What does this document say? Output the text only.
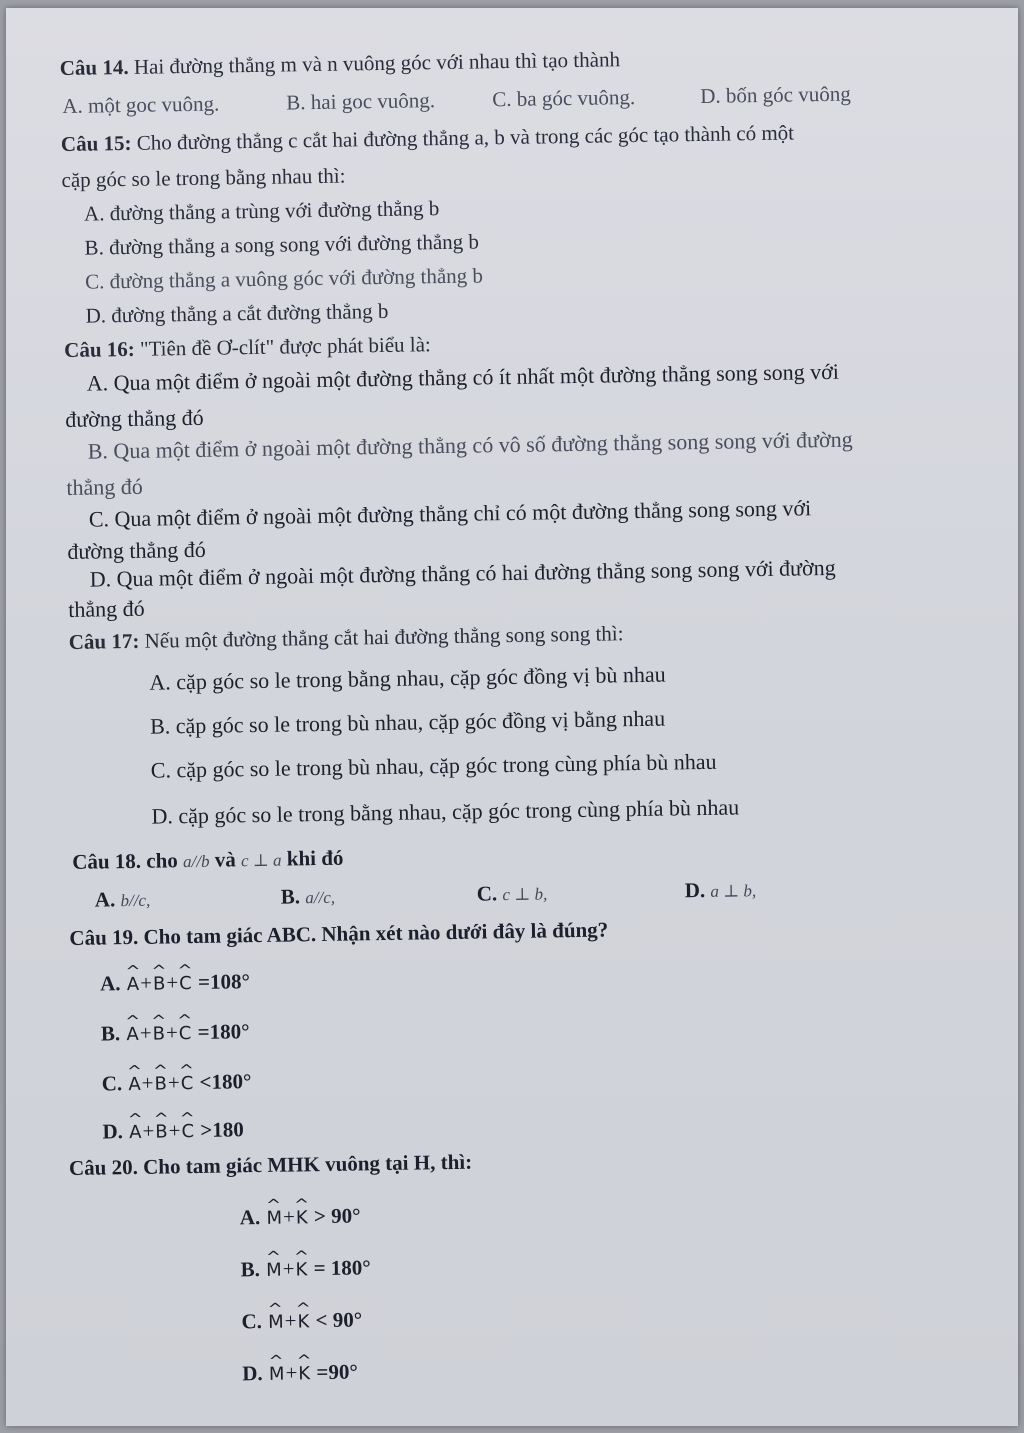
Câu 14. Hai đường thẳng m và n vuông góc với nhau thì tạo thành
A. một goc vuông.	B. hai goc vuông.	C. ba góc vuông.	D. bốn góc vuông
Câu 15: Cho đường thẳng c cắt hai đường thẳng a, b và trong các góc tạo thành có một
cặp góc so le trong bằng nhau thì:
A. đường thẳng a trùng với đường thẳng b
B. đường thẳng a song song với đường thẳng b
C. đường thẳng a vuông góc với đường thẳng b
D. đường thẳng a cắt đường thẳng b
Câu 16: "Tiên đề Ơ-clít" được phát biểu là:
A. Qua một điểm ở ngoài một đường thẳng có ít nhất một đường thẳng song song với
đường thẳng đó
B. Qua một điểm ở ngoài một đường thẳng có vô số đường thẳng song song với đường
thẳng đó
C. Qua một điểm ở ngoài một đường thẳng chỉ có một đường thẳng song song với
đường thẳng đó
D. Qua một điểm ở ngoài một đường thẳng có hai đường thẳng song song với đường
thẳng đó
Câu 17: Nếu một đường thẳng cắt hai đường thẳng song song thì:
A. cặp góc so le trong bằng nhau, cặp góc đồng vị bù nhau
B. cặp góc so le trong bù nhau, cặp góc đồng vị bằng nhau
C. cặp góc so le trong bù nhau, cặp góc trong cùng phía bù nhau
D. cặp góc so le trong bằng nhau, cặp góc trong cùng phía bù nhau
Câu 18. cho a//b và c ⊥ a khi đó
A. b//c,	B. a//c,	C. c ⊥ b,	D. a ⊥ b,
Câu 19. Cho tam giác ABC. Nhận xét nào dưới đây là đúng?
A. ^ A+^ B+^ C =108°
B. ^ A+^ B+^ C =180°
C. ^ A+^ B+^ C <180°
D. ^ A+^ B+^ C >180
Câu 20. Cho tam giác MHK vuông tại H, thì:
A. ^ M+^ K > 90°
B. ^ M+^ K = 180°
C. ^ M+^ K < 90°
D. ^ M+^ K =90°
